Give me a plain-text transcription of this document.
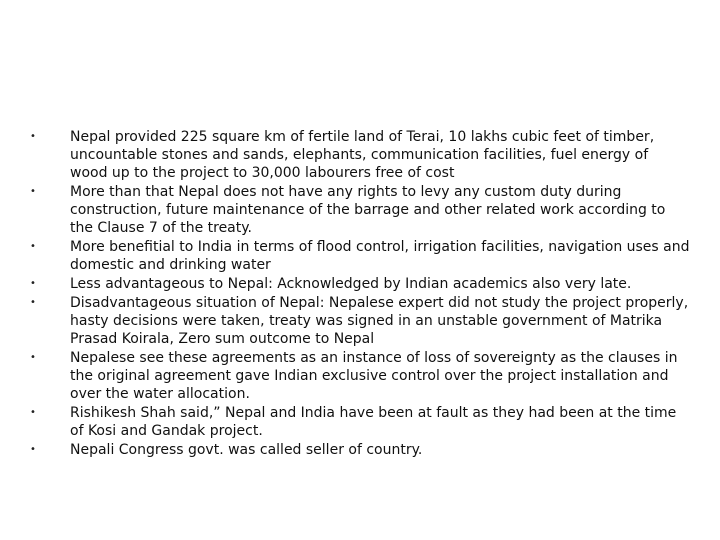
•	Nepal provided 225 square km of fertile land of Terai, 10 lakhs cubic feet of timber, uncountable stones and sands, elephants, communication facilities, fuel energy of wood up to the project to 30,000 labourers free of cost
•	More than that Nepal does not have any rights to levy any custom duty during construction, future maintenance of the barrage and other related work according to the Clause 7 of the treaty.
•	More benefitial to India in terms of flood control, irrigation facilities, navigation uses and domestic and drinking water
•	Less advantageous to Nepal: Acknowledged by Indian academics also very late.
•	Disadvantageous situation of Nepal: Nepalese expert did not study the project properly, hasty decisions were taken, treaty was signed in an unstable government of Matrika Prasad Koirala, Zero sum outcome to Nepal
•	Nepalese see these agreements as an instance of loss of sovereignty as the clauses in the original agreement gave Indian exclusive control over the project installation and over the water allocation.
•	Rishikesh Shah said,” Nepal and India have been at fault as they had been at the time of Kosi and Gandak project.
•	Nepali Congress govt. was called seller of country.
